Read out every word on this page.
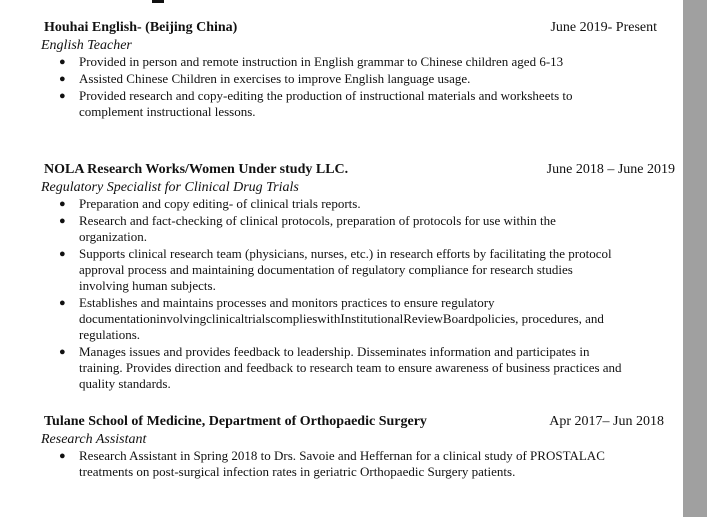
Houhai English- (Beijing China)	June 2019- Present
English Teacher
● Provided in person and remote instruction in English grammar to Chinese children aged 6-13
● Assisted Chinese Children in exercises to improve English language usage.
● Provided research and copy-editing the production of instructional materials and worksheets to complement instructional lessons.
NOLA Research Works/Women Under study LLC.	June 2018 – June 2019
Regulatory Specialist for Clinical Drug Trials
● Preparation and copy editing- of clinical trials reports.
● Research and fact-checking of clinical protocols, preparation of protocols for use within the organization.
● Supports clinical research team (physicians, nurses, etc.) in research efforts by facilitating the protocol approval process and maintaining documentation of regulatory compliance for research studies involving human subjects.
● Establishes and maintains processes and monitors practices to ensure regulatory documentationinvolvingclinicaltrialscomplieswithInstitutionalReviewBoardpolicies, procedures, and regulations.
● Manages issues and provides feedback to leadership. Disseminates information and participates in training. Provides direction and feedback to research team to ensure awareness of business practices and quality standards.
Tulane School of Medicine, Department of Orthopaedic Surgery	Apr 2017– Jun 2018
Research Assistant
● Research Assistant in Spring 2018 to Drs. Savoie and Heffernan for a clinical study of PROSTALAC treatments on post-surgical infection rates in geriatric Orthopaedic Surgery patients.
